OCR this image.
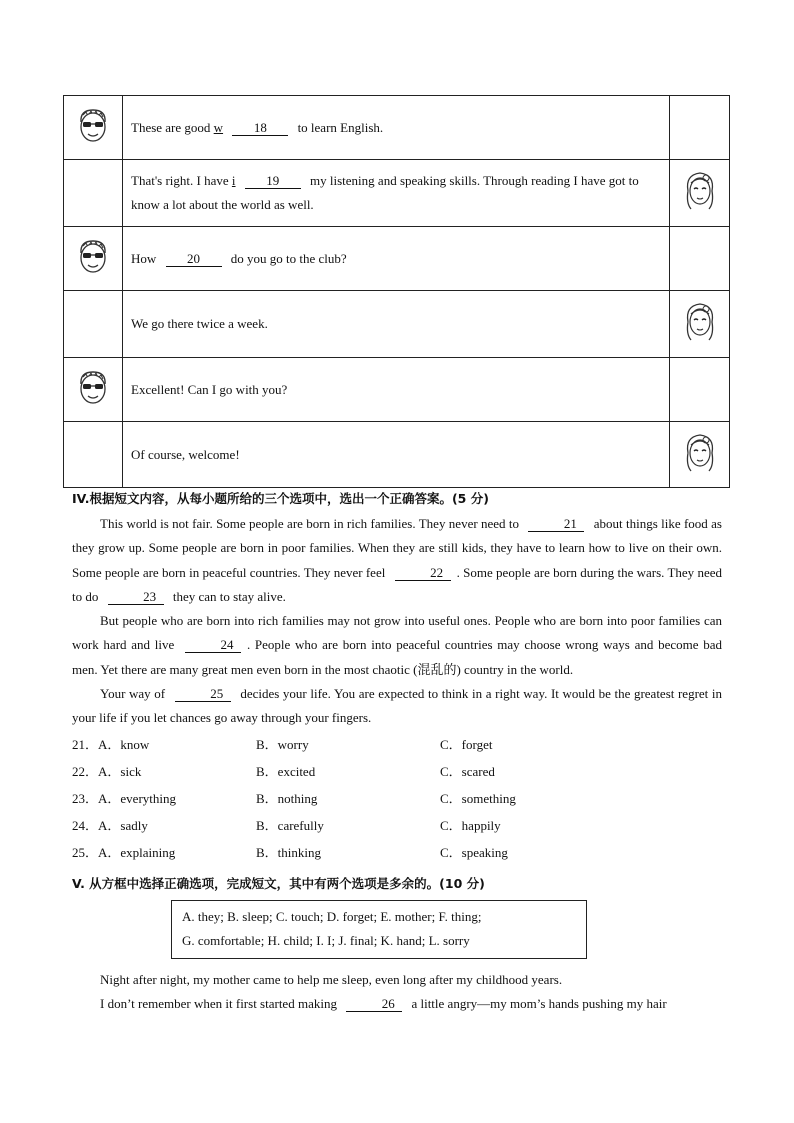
	These are good w 18 to learn English.	
	That's right. I have i 19 my listening and speaking skills. Through reading I have got to know a lot about the world as well.	
	How 20 do you go to the club?	
	We go there twice a week.	
	Excellent! Can I go with you?	
	Of course, welcome!	
IV.根据短文内容，从每小题所给的三个选项中，选出一个正确答案。(5 分)

This world is not fair. Some people are born in rich families. They never need to	21 about things like food as they grow up. Some people are born in poor families. When they are still kids, they have to learn how to live on their own. Some people are born in peaceful countries. They never feel	22 . Some people are born during the wars. They need to do	23 they can to stay alive.

But people who are born into rich families may not grow into useful ones. People who are born into poor families can work hard and live	24 . People who are born into peaceful countries may choose wrong ways and become bad men. Yet there are many great men even born in the most chaotic (混乱的) country in the world.

Your way of	25 decides your life. You are expected to think in a right way. It would be the greatest regret in your life if you let chances go away through your fingers.

21．A．know	B．worry	C．forget
22．A．sick	B．excited	C．scared
23．A．everything	B．nothing	C．something
24．A．sadly	B．carefully	C．happily
25．A．explaining	B．thinking	C．speaking
V. 从方框中选择正确选项，完成短文，其中有两个选项是多余的。(10 分)
A. they; B. sleep; C. touch; D. forget; E. mother; F. thing;
G. comfortable; H. child; I. I; J. final; K. hand; L. sorry

Night after night, my mother came to help me sleep, even long after my childhood years.

I don’t remember when it first started making	26 a little angry—my mom’s hands pushing my hair
